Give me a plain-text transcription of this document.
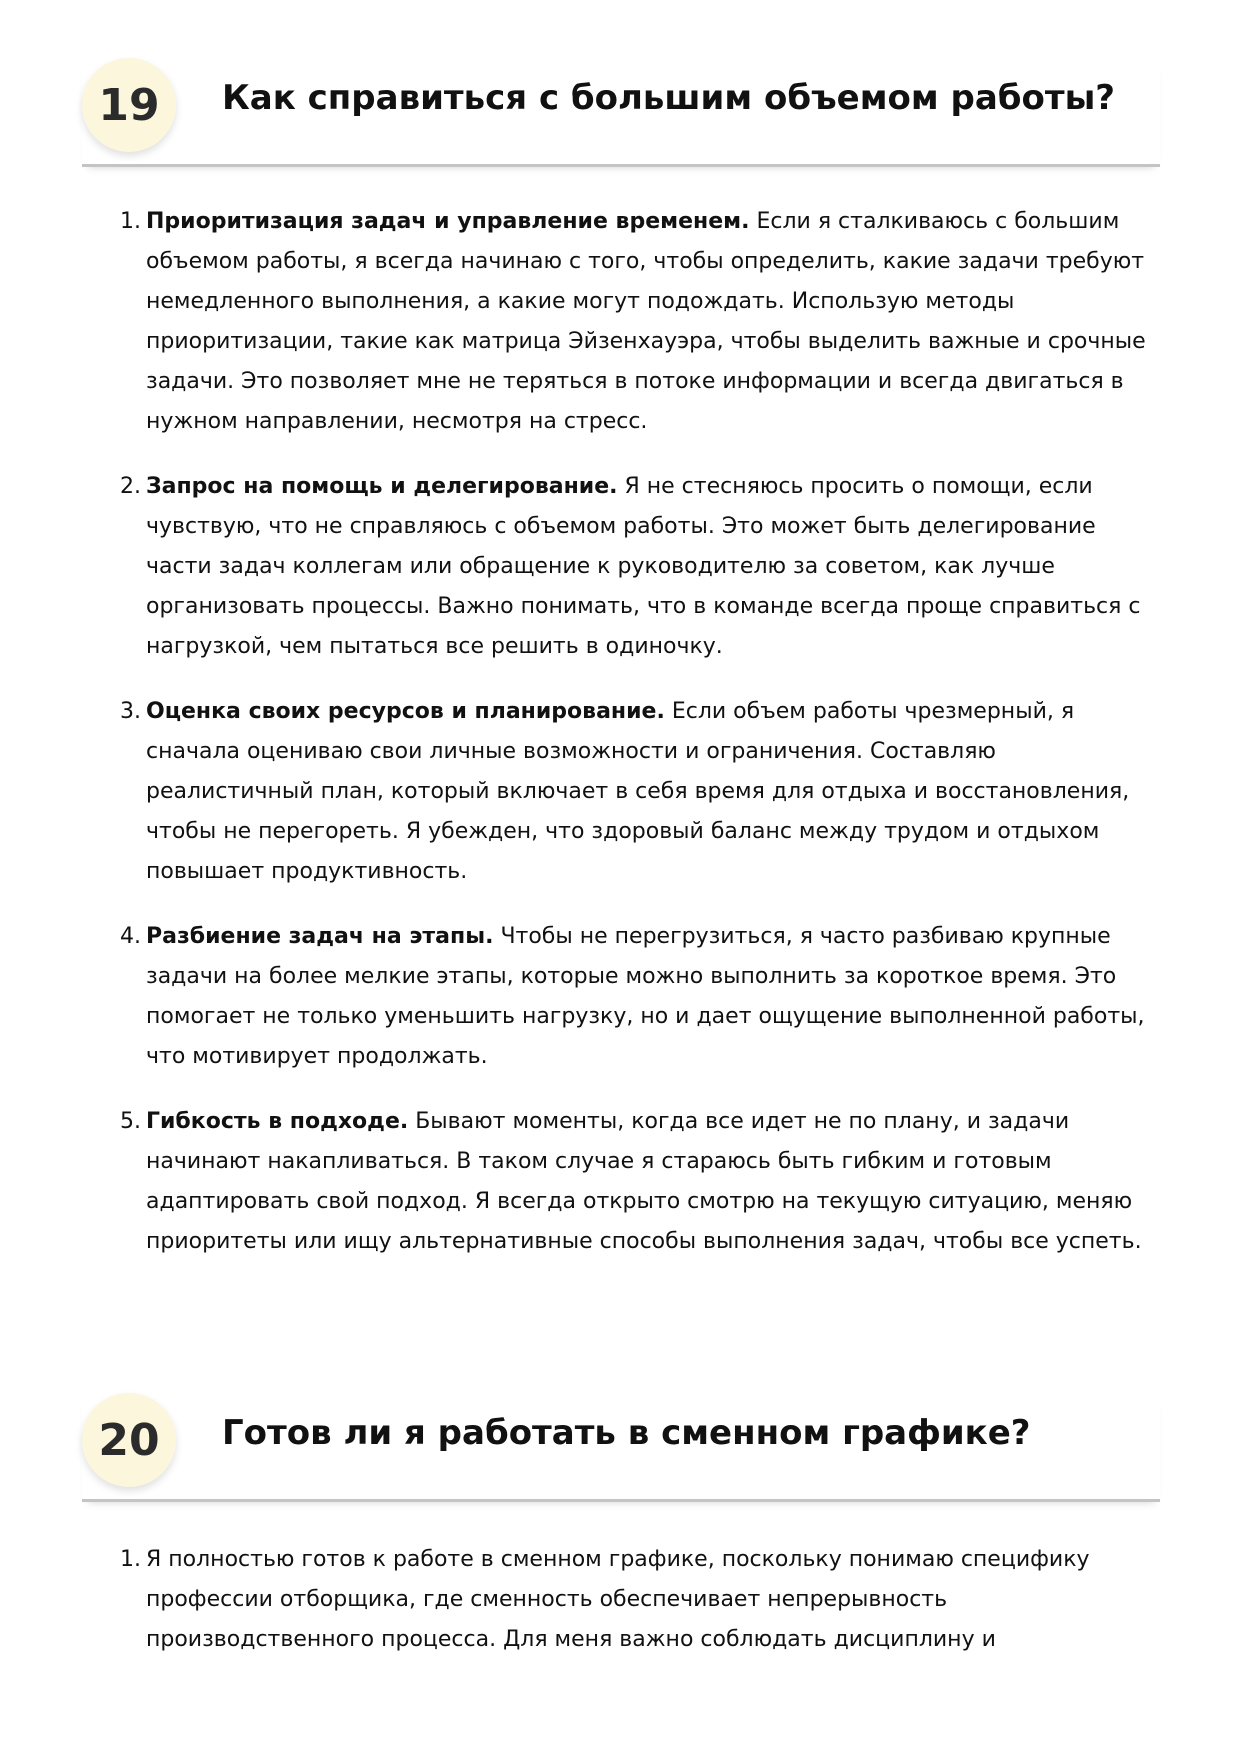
19	Как справиться с большим объемом работы?
1. Приоритизация задач и управление временем. Если я сталкиваюсь с большим объемом работы, я всегда начинаю с того, чтобы определить, какие задачи требуют немедленного выполнения, а какие могут подождать. Использую методы приоритизации, такие как матрица Эйзенхауэра, чтобы выделить важные и срочные задачи. Это позволяет мне не теряться в потоке информации и всегда двигаться в нужном направлении, несмотря на стресс.
2. Запрос на помощь и делегирование. Я не стесняюсь просить о помощи, если чувствую, что не справляюсь с объемом работы. Это может быть делегирование части задач коллегам или обращение к руководителю за советом, как лучше организовать процессы. Важно понимать, что в команде всегда проще справиться с нагрузкой, чем пытаться все решить в одиночку.
3. Оценка своих ресурсов и планирование. Если объем работы чрезмерный, я сначала оцениваю свои личные возможности и ограничения. Составляю реалистичный план, который включает в себя время для отдыха и восстановления, чтобы не перегореть. Я убежден, что здоровый баланс между трудом и отдыхом повышает продуктивность.
4. Разбиение задач на этапы. Чтобы не перегрузиться, я часто разбиваю крупные задачи на более мелкие этапы, которые можно выполнить за короткое время. Это помогает не только уменьшить нагрузку, но и дает ощущение выполненной работы, что мотивирует продолжать.
5. Гибкость в подходе. Бывают моменты, когда все идет не по плану, и задачи начинают накапливаться. В таком случае я стараюсь быть гибким и готовым адаптировать свой подход. Я всегда открыто смотрю на текущую ситуацию, меняю приоритеты или ищу альтернативные способы выполнения задач, чтобы все успеть.
20	Готов ли я работать в сменном графике?
1. Я полностью готов к работе в сменном графике, поскольку понимаю специфику профессии отборщика, где сменность обеспечивает непрерывность производственного процесса. Для меня важно соблюдать дисциплину и
